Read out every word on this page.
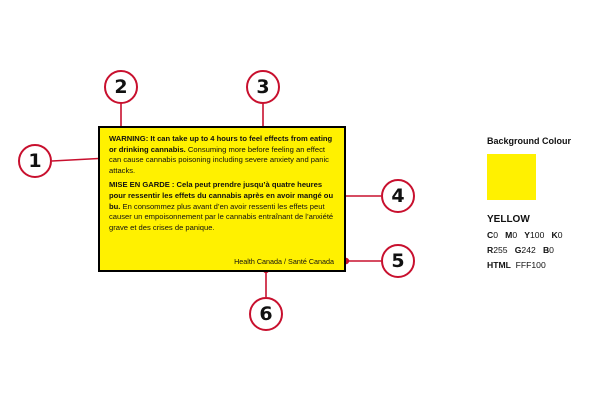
1
2	3
4
5
6

WARNING: It can take up to 4 hours to feel effects from eating or drinking cannabis. Consuming more before feeling an effect can cause cannabis poisoning including severe anxiety and panic attacks.

MISE EN GARDE : Cela peut prendre jusqu’à quatre heures pour ressentir les effets du cannabis après en avoir mangé ou bu. En consommez plus avant d’en avoir ressenti les effets peut causer un empoisonnement par le cannabis entraînant de l’anxiété grave et des crises de panique.

Health Canada / Santé Canada
Background Colour
YELLOW
C0 M0 Y100 K0
R255 G242 B0
HTML FFF100
